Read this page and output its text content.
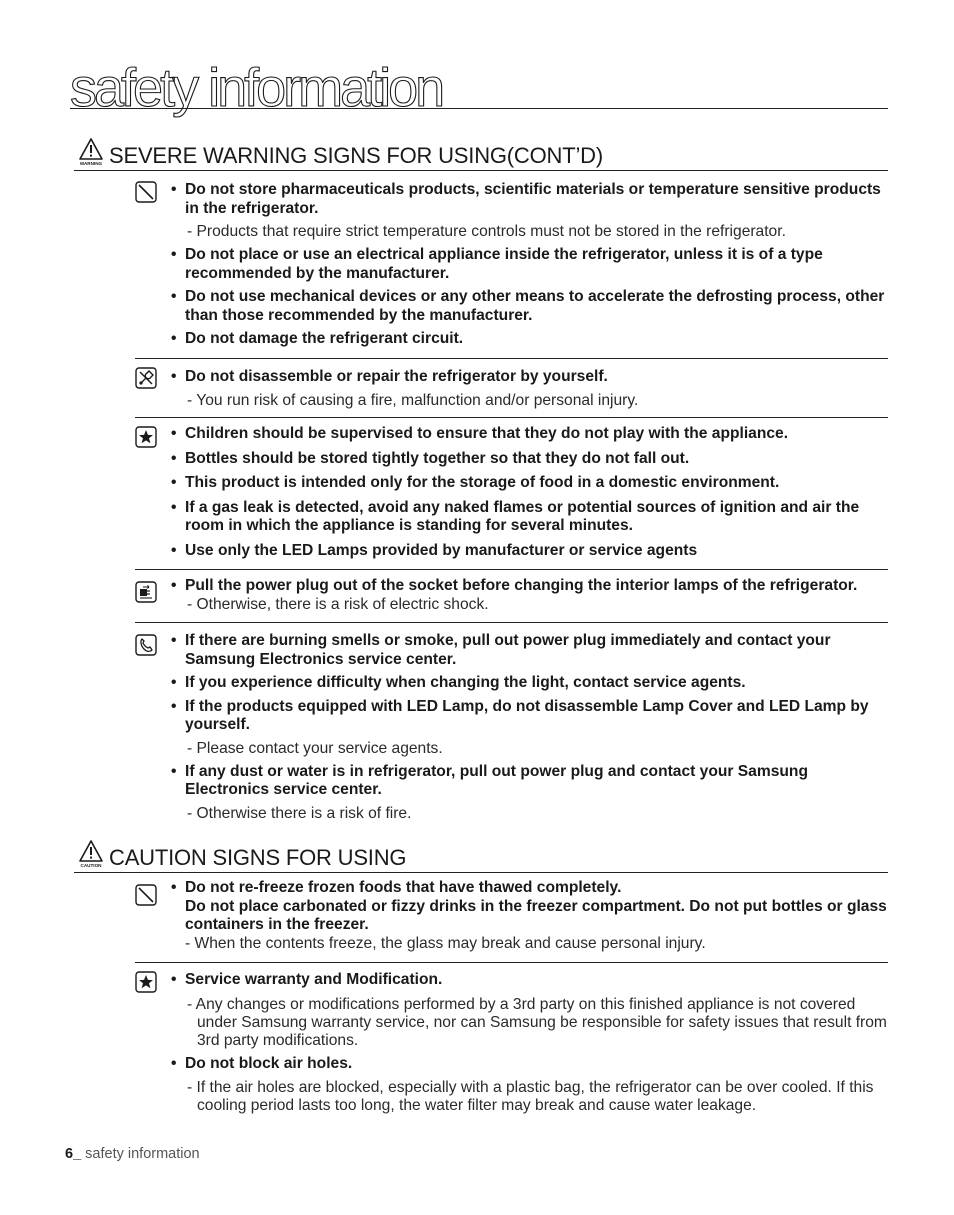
safety information
WARNING SEVERE WARNING SIGNS FOR USING(CONT’D)

• Do not store pharmaceuticals products, scientific materials or temperature sensitive products in the refrigerator.

- Products that require strict temperature controls must not be stored in the refrigerator.

• Do not place or use an electrical appliance inside the refrigerator, unless it is of a type recommended by the manufacturer.

• Do not use mechanical devices or any other means to accelerate the defrosting process, other than those recommended by the manufacturer.

• Do not damage the refrigerant circuit.

• Do not disassemble or repair the refrigerator by yourself.

- You run risk of causing a fire, malfunction and/or personal injury.

• Children should be supervised to ensure that they do not play with the appliance.

• Bottles should be stored tightly together so that they do not fall out.

• This product is intended only for the storage of food in a domestic environment.

• If a gas leak is detected, avoid any naked flames or potential sources of ignition and air the room in which the appliance is standing for several minutes.

• Use only the LED Lamps provided by manufacturer or service agents

• Pull the power plug out of the socket before changing the interior lamps of the refrigerator.

- Otherwise, there is a risk of electric shock.

• If there are burning smells or smoke, pull out power plug immediately and contact your Samsung Electronics service center.

• If you experience difficulty when changing the light, contact service agents.

• If the products equipped with LED Lamp, do not disassemble Lamp Cover and LED Lamp by yourself.

- Please contact your service agents.

• If any dust or water is in refrigerator, pull out power plug and contact your Samsung Electronics service center.

- Otherwise there is a risk of fire.

CAUTION CAUTION SIGNS FOR USING

• Do not re-freeze frozen foods that have thawed completely.

Do not place carbonated or fizzy drinks in the freezer compartment. Do not put bottles or glass containers in the freezer.

- When the contents freeze, the glass may break and cause personal injury.

• Service warranty and Modification.

- Any changes or modifications performed by a 3rd party on this finished appliance is not covered under Samsung warranty service, nor can Samsung be responsible for safety issues that result from 3rd party modifications.

• Do not block air holes.

- If the air holes are blocked, especially with a plastic bag, the refrigerator can be over cooled. If this cooling period lasts too long, the water filter may break and cause water leakage.

6_ safety information
